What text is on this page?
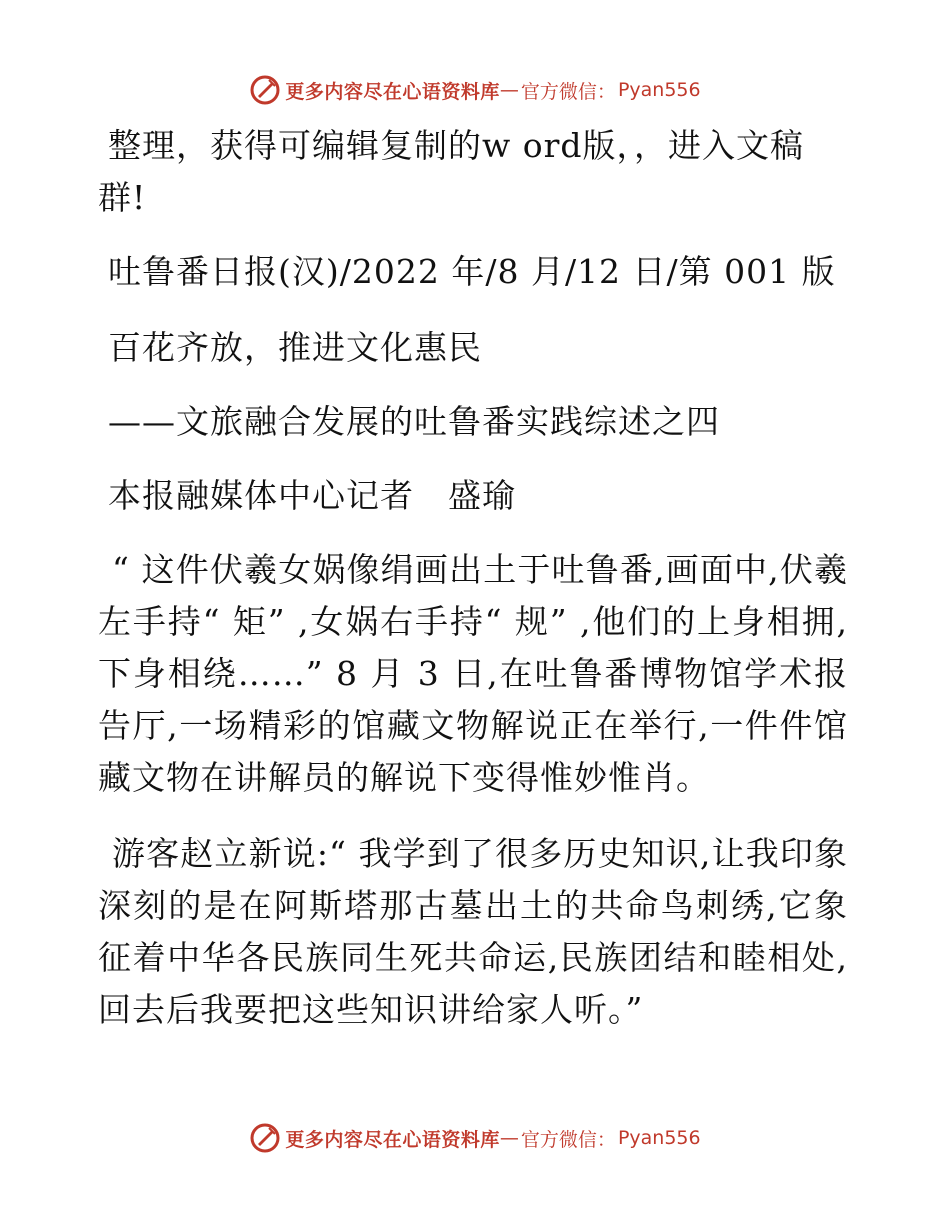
更多内容尽在心语资料库 — 官方微信： Pyan556

整理，获得可编辑复制的w ord版，，进入文稿群!

吐鲁番日报(汉)/2022 年/8 月/12 日/第 001 版

百花齐放，推进文化惠民

——文旅融合发展的吐鲁番实践综述之四

本报融媒体中心记者　盛瑜

“ 这件伏羲女娲像绢画出土于吐鲁番,画面中,伏羲左手持“ 矩” ,女娲右手持“ 规” ,他们的上身相拥,下身相绕……” 8 月 3 日,在吐鲁番博物馆学术报告厅,一场精彩的馆藏文物解说正在举行,一件件馆藏文物在讲解员的解说下变得惟妙惟肖。

游客赵立新说:“ 我学到了很多历史知识,让我印象深刻的是在阿斯塔那古墓出土的共命鸟刺绣,它象征着中华各民族同生死共命运,民族团结和睦相处,回去后我要把这些知识讲给家人听。”

更多内容尽在心语资料库 — 官方微信： Pyan556
